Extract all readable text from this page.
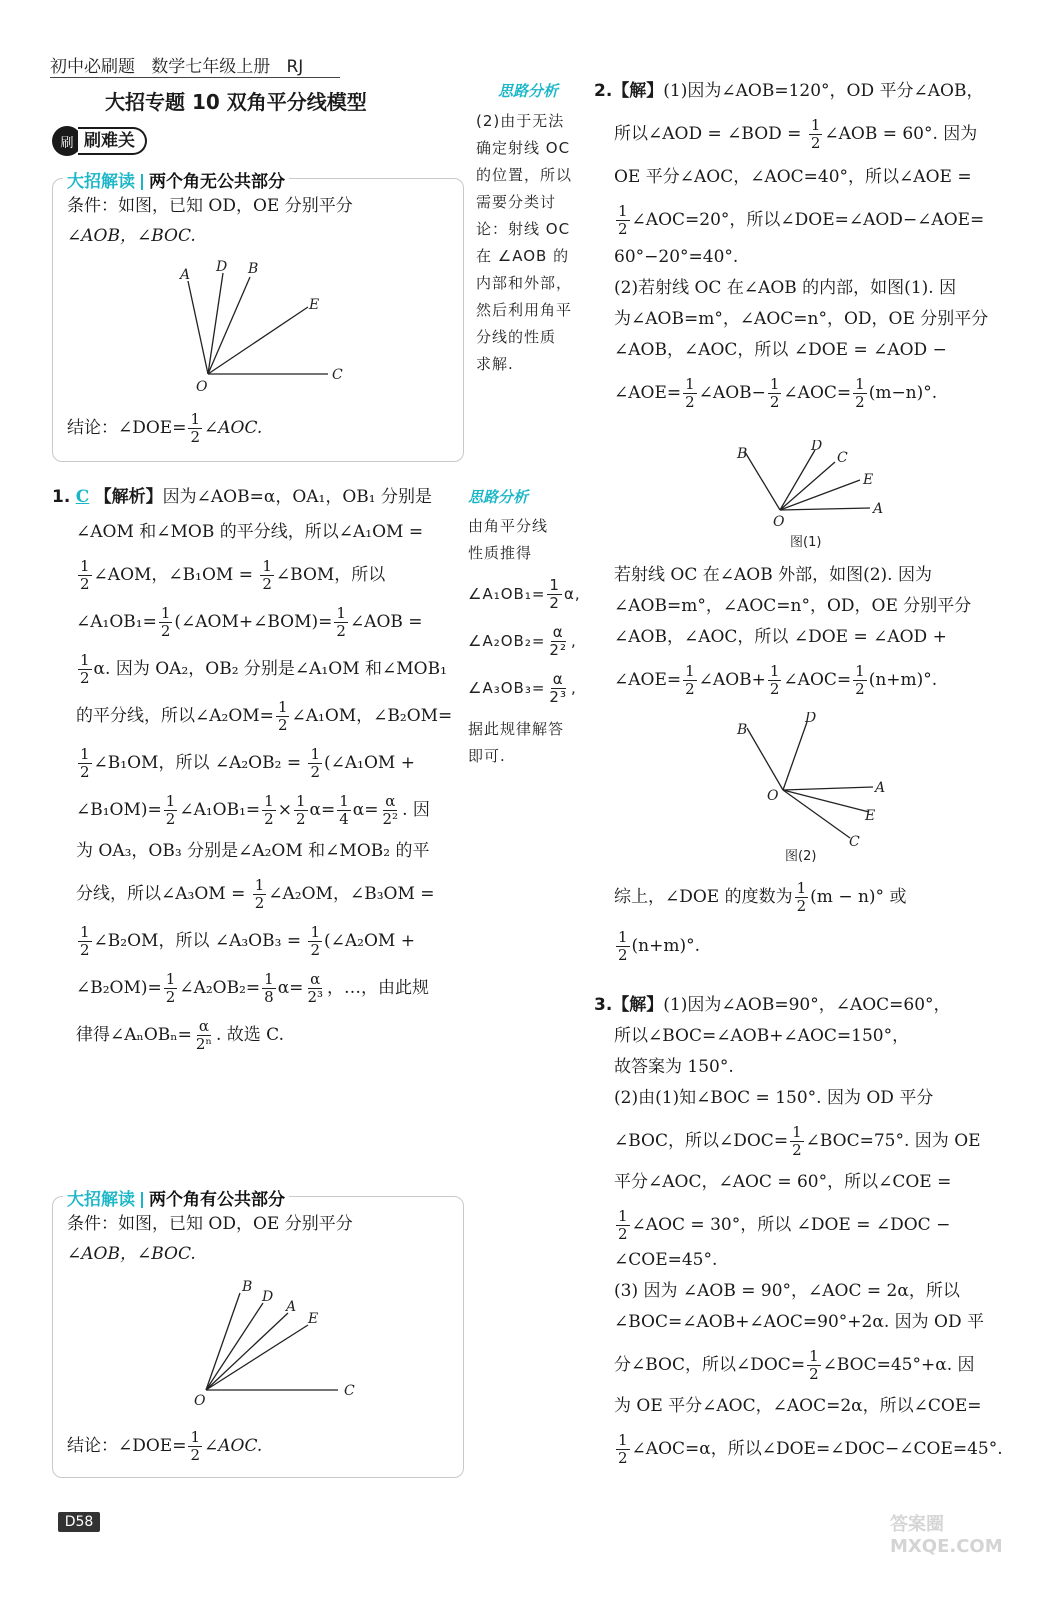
初中必刷题 数学七年级上册 RJ
大招专题 10 双角平分线模型
刷 刷难关
大招解读 两个角无公共部分
条件：如图，已知 OD，OE 分别平分
∠AOB，∠BOC.
A D B
E
C
O
结论：∠DOE= $\frac{1}{2}$ ∠AOC.
思路分析
(2)由于无法
确定射线 OC
的位置，所以
需要分类讨
论：射线 OC
在 ∠AOB 的
内部和外部，
然后利用角平
分线的性质
求解.
1. C 【解析】因为∠AOB=α，OA₁，OB₁ 分别是
∠AOM 和∠MOB 的平分线，所以∠A₁OM =
$\frac{1}{2}$ ∠AOM，∠B₁OM = $\frac{1}{2}$ ∠BOM，所以
∠A₁OB₁= $\frac{1}{2}$ (∠AOM+∠BOM)= $\frac{1}{2}$ ∠AOB =
$\frac{1}{2} \alpha$. 因为 OA₂，OB₂ 分别是∠A₁OM 和∠MOB₁
的平分线，所以∠A₂OM= $\frac{1}{2}$ ∠A₁OM，∠B₂OM=
$\frac{1}{2}$ ∠B₁OM，所以 ∠A₂OB₂ = $\frac{1}{2}$ (∠A₁OM +
∠B₁OM)= $\frac{1}{2}$ ∠A₁OB₁= $\frac{1}{2} \times \frac{1}{2} \alpha= \frac{1}{4} \alpha= \frac{\alpha}{\text{2²}}$ . 因
为 OA₃，OB₃ 分别是∠A₂OM 和∠MOB₂ 的平
分线，所以∠A₃OM = $\frac{1}{2}$ ∠A₂OM，∠B₃OM =
$\frac{1}{2}$ ∠B₂OM，所以 ∠A₃OB₃ = $\frac{1}{2}$ (∠A₂OM +
∠B₂OM)= $\frac{1}{2}$ ∠A₂OB₂= $\frac{1}{8} \alpha= \frac{\alpha}{\text{2³}}$ ，…，由此规
律得∠AₙOBₙ= $\frac{\alpha}{\text{2ⁿ}}$ . 故选 C.
思路分析
由角平分线
性质推得
∠A₁OB₁= $\frac{1}{2} \alpha$,
∠A₂OB₂= $\frac{\alpha}{\text{2²}}$ ,
∠A₃OB₃= $\frac{\alpha}{\text{2³}}$ ,
据此规律解答
即可.
大招解读 两个角有公共部分
条件：如图，已知 OD，OE 分别平分
∠AOB，∠BOC.
B
D
A
E
C
O
结论：∠DOE= $\frac{1}{2}$ ∠AOC.
2.【解】(1)因为∠AOB=120°，OD 平分∠AOB，
所以∠AOD = ∠BOD = $\frac{1}{2}$ ∠AOB = 60°. 因为
OE 平分∠AOC，∠AOC=40°，所以∠AOE =
$\frac{1}{2}$ ∠AOC=20°，所以∠DOE=∠AOD−∠AOE=
60°−20°=40°.
(2)若射线 OC 在∠AOB 的内部，如图(1). 因
为∠AOB=m°，∠AOC=n°，OD，OE 分别平分
∠AOB，∠AOC，所以 ∠DOE = ∠AOD −
∠AOE= $\frac{1}{2}$ ∠AOB− $\frac{1}{2}$ ∠AOC= $\frac{1}{2} (m-n)^\circ$.
B	D
C
E
A
O
图(1)
若射线 OC 在∠AOB 外部，如图(2). 因为
∠AOB=m°，∠AOC=n°，OD，OE 分别平分
∠AOB，∠AOC，所以 ∠DOE = ∠AOD +
∠AOE= $\frac{1}{2}$ ∠AOB+ $\frac{1}{2}$ ∠AOC= $\frac{1}{2} (n+m)^\circ$.
B
D
A
E
C
O
图(2)
综上，∠DOE 的度数为 $\frac{1}{2} (m - n)^\circ$ 或
$\frac{1}{2} (n+m)^\circ$.
3.【解】(1)因为∠AOB=90°，∠AOC=60°，
所以∠BOC=∠AOB+∠AOC=150°，
故答案为 150°.
(2)由(1)知∠BOC = 150°. 因为 OD 平分
∠BOC，所以∠DOC= $\frac{1}{2}$ ∠BOC=75°. 因为 OE
平分∠AOC，∠AOC = 60°，所以∠COE =
$\frac{1}{2}$ ∠AOC = 30°，所以 ∠DOE = ∠DOC −
∠COE=45°.
(3) 因为 ∠AOB = 90°，∠AOC = 2α，所以
∠BOC=∠AOB+∠AOC=90°+2α. 因为 OD 平
分∠BOC，所以∠DOC= $\frac{1}{2}$ ∠BOC=45°+α. 因
为 OE 平分∠AOC，∠AOC=2α，所以∠COE=
$\frac{1}{2}$ ∠AOC=α，所以∠DOE=∠DOC−∠COE=45°.
D58	答案圈 MXQE.COM
